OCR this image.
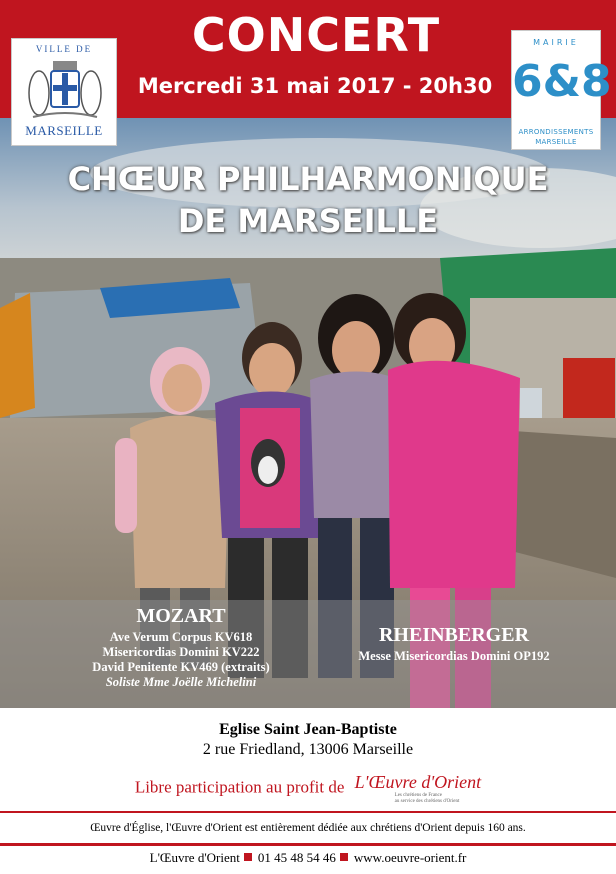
CONCERT
Mercredi 31 mai 2017 - 20h30
VILLE DE
MARSEILLE
MAIRIE
6&8
ARRONDISSEMENTS
MARSEILLE
CHŒUR PHILHARMONIQUE
DE MARSEILLE
MOZART
Ave Verum Corpus KV618
Misericordias Domini KV222
David Penitente KV469 (extraits)
Soliste Mme Joëlle Michelini
RHEINBERGER
Messe Misericordias Domini OP192
Eglise Saint Jean-Baptiste
2 rue Friedland, 13006 Marseille
Libre participation au profit de L'Œuvre d'Orient
Les chrétiens de France
au service des chrétiens d'Orient
Œuvre d'Église, l'Œuvre d'Orient est entièrement dédiée aux chrétiens d'Orient depuis 160 ans.
L'Œuvre d'Orient 01 45 48 54 46 www.oeuvre-orient.fr
